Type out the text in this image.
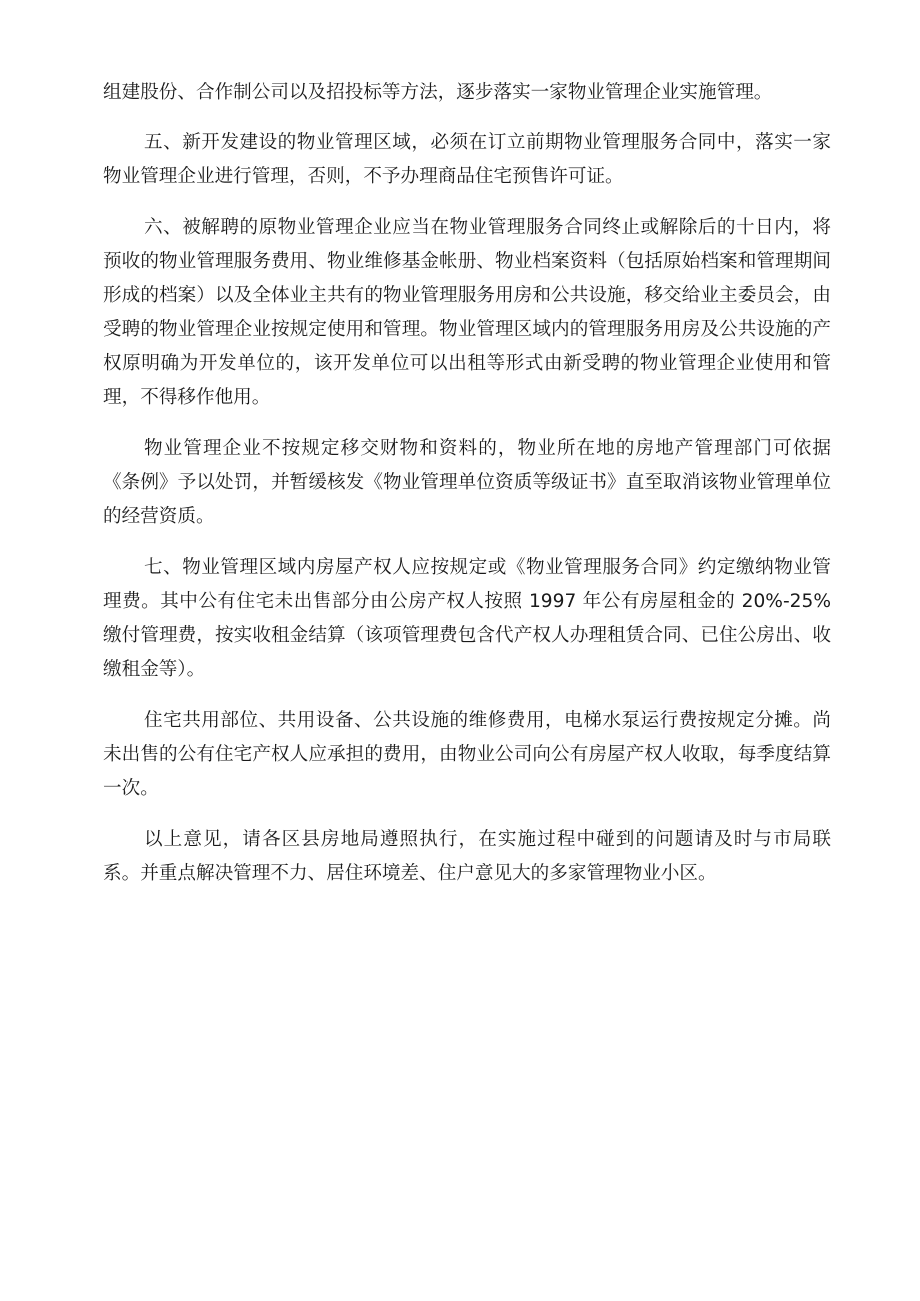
组建股份、合作制公司以及招投标等方法，逐步落实一家物业管理企业实施管理。

五、新开发建设的物业管理区域，必须在订立前期物业管理服务合同中，落实一家物业管理企业进行管理，否则，不予办理商品住宅预售许可证。

六、被解聘的原物业管理企业应当在物业管理服务合同终止或解除后的十日内，将预收的物业管理服务费用、物业维修基金帐册、物业档案资料（包括原始档案和管理期间形成的档案）以及全体业主共有的物业管理服务用房和公共设施，移交给业主委员会，由受聘的物业管理企业按规定使用和管理。物业管理区域内的管理服务用房及公共设施的产权原明确为开发单位的，该开发单位可以出租等形式由新受聘的物业管理企业使用和管理，不得移作他用。

物业管理企业不按规定移交财物和资料的，物业所在地的房地产管理部门可依据《条例》予以处罚，并暂缓核发《物业管理单位资质等级证书》直至取消该物业管理单位的经营资质。

七、物业管理区域内房屋产权人应按规定或《物业管理服务合同》约定缴纳物业管理费。其中公有住宅未出售部分由公房产权人按照 1997 年公有房屋租金的 20%-25%缴付管理费，按实收租金结算（该项管理费包含代产权人办理租赁合同、已住公房出、收缴租金等）。

住宅共用部位、共用设备、公共设施的维修费用，电梯水泵运行费按规定分摊。尚未出售的公有住宅产权人应承担的费用，由物业公司向公有房屋产权人收取，每季度结算一次。

以上意见，请各区县房地局遵照执行，在实施过程中碰到的问题请及时与市局联系。并重点解决管理不力、居住环境差、住户意见大的多家管理物业小区。
